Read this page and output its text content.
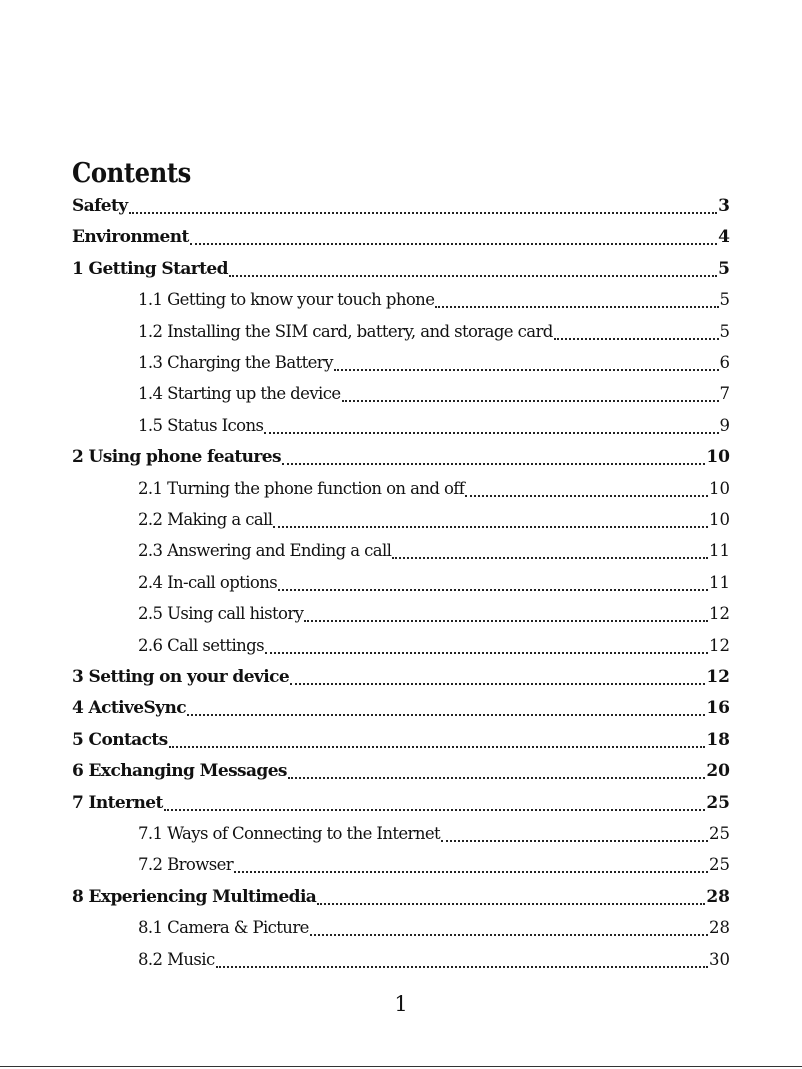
Contents
Safety	3
Environment	4
1 Getting Started	5
1.1 Getting to know your touch phone	5
1.2 Installing the SIM card, battery, and storage card	5
1.3 Charging the Battery	6
1.4 Starting up the device	7
1.5 Status Icons	9
2 Using phone features	10
2.1 Turning the phone function on and off	10
2.2 Making a call	10
2.3 Answering and Ending a call	11
2.4 In-call options	11
2.5 Using call history	12
2.6 Call settings	12
3 Setting on your device	12
4 ActiveSync	16
5 Contacts	18
6 Exchanging Messages	20
7 Internet	25
7.1 Ways of Connecting to the Internet	25
7.2 Browser	25
8 Experiencing Multimedia	28
8.1 Camera & Picture	28
8.2 Music	30
1
